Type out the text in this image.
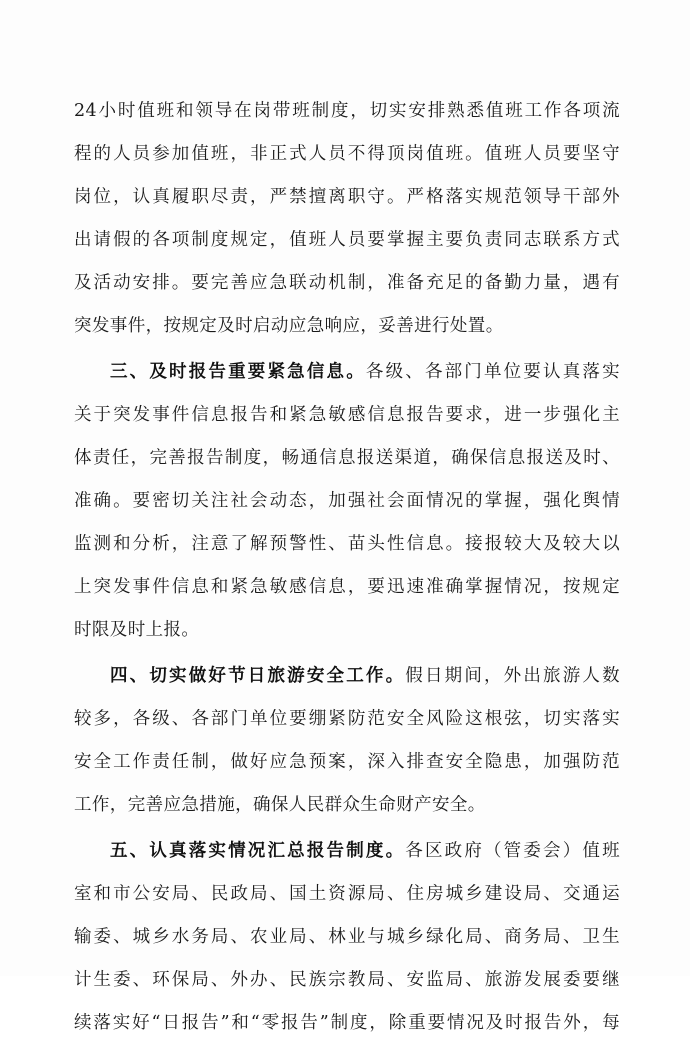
24小时值班和领导在岗带班制度，切实安排熟悉值班工作各项流
程的人员参加值班，非正式人员不得顶岗值班。值班人员要坚守
岗位，认真履职尽责，严禁擅离职守。严格落实规范领导干部外
出请假的各项制度规定，值班人员要掌握主要负责同志联系方式
及活动安排。要完善应急联动机制，准备充足的备勤力量，遇有
突发事件，按规定及时启动应急响应，妥善进行处置。
三、及时报告重要紧急信息。各级、各部门单位要认真落实
关于突发事件信息报告和紧急敏感信息报告要求，进一步强化主
体责任，完善报告制度，畅通信息报送渠道，确保信息报送及时、
准确。要密切关注社会动态，加强社会面情况的掌握，强化舆情
监测和分析，注意了解预警性、苗头性信息。接报较大及较大以
上突发事件信息和紧急敏感信息，要迅速准确掌握情况，按规定
时限及时上报。
四、切实做好节日旅游安全工作。假日期间，外出旅游人数
较多，各级、各部门单位要绷紧防范安全风险这根弦，切实落实
安全工作责任制，做好应急预案，深入排查安全隐患，加强防范
工作，完善应急措施，确保人民群众生命财产安全。
五、认真落实情况汇总报告制度。各区政府（管委会）值班
室和市公安局、民政局、国土资源局、住房城乡建设局、交通运
输委、城乡水务局、农业局、林业与城乡绿化局、商务局、卫生
计生委、环保局、外办、民族宗教局、安监局、旅游发展委要继
续落实好“日报告”和“零报告”制度，除重要情况及时报告外，每
